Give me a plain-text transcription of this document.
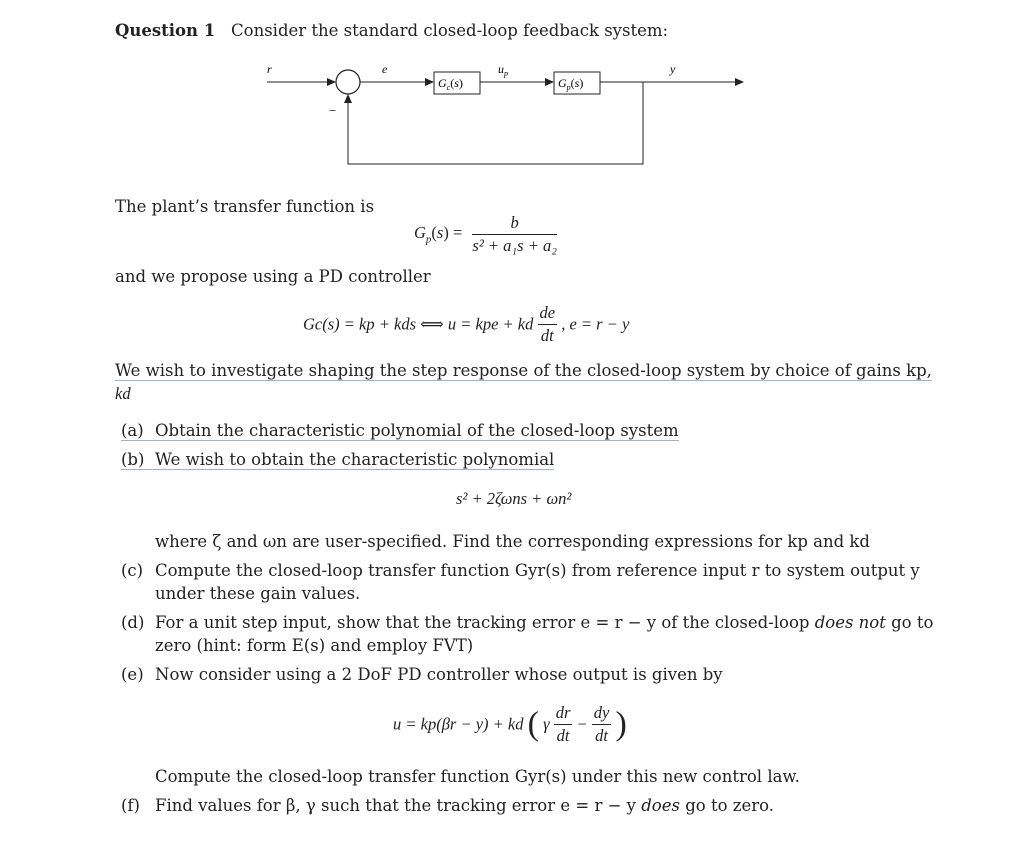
Question 1 Consider the standard closed-loop feedback system:
r	e	$u_p$	y
$G_c(s)$	$G_p(s)$
−
The plant’s transfer function is
$G_p(s) = \frac{b}{\text{s² + a₁s + a₂}}$
and we propose using a PD controller
Gc(s) = kp + kds ⟺ u = kpe + kd $\frac{de}{dt}$ , e = r − y
We wish to investigate shaping the step response of the closed-loop system by choice of gains kp,
kd
(a) Obtain the characteristic polynomial of the closed-loop system
(b) We wish to obtain the characteristic polynomial
s² + 2ζωns + ωn²
where ζ and ωn are user-specified. Find the corresponding expressions for kp and kd
(c) Compute the closed-loop transfer function Gyr(s) from reference input r to system output y
under these gain values.
(d) For a unit step input, show that the tracking error e = r − y of the closed-loop does not go to
zero (hint: form E(s) and employ FVT)
(e) Now consider using a 2 DoF PD controller whose output is given by
u = kp(βr − y) + kd ( γ $\frac{dr}{dt} - \frac{dy}{dt}$ )
Compute the closed-loop transfer function Gyr(s) under this new control law.
(f) Find values for β, γ such that the tracking error e = r − y does go to zero.
